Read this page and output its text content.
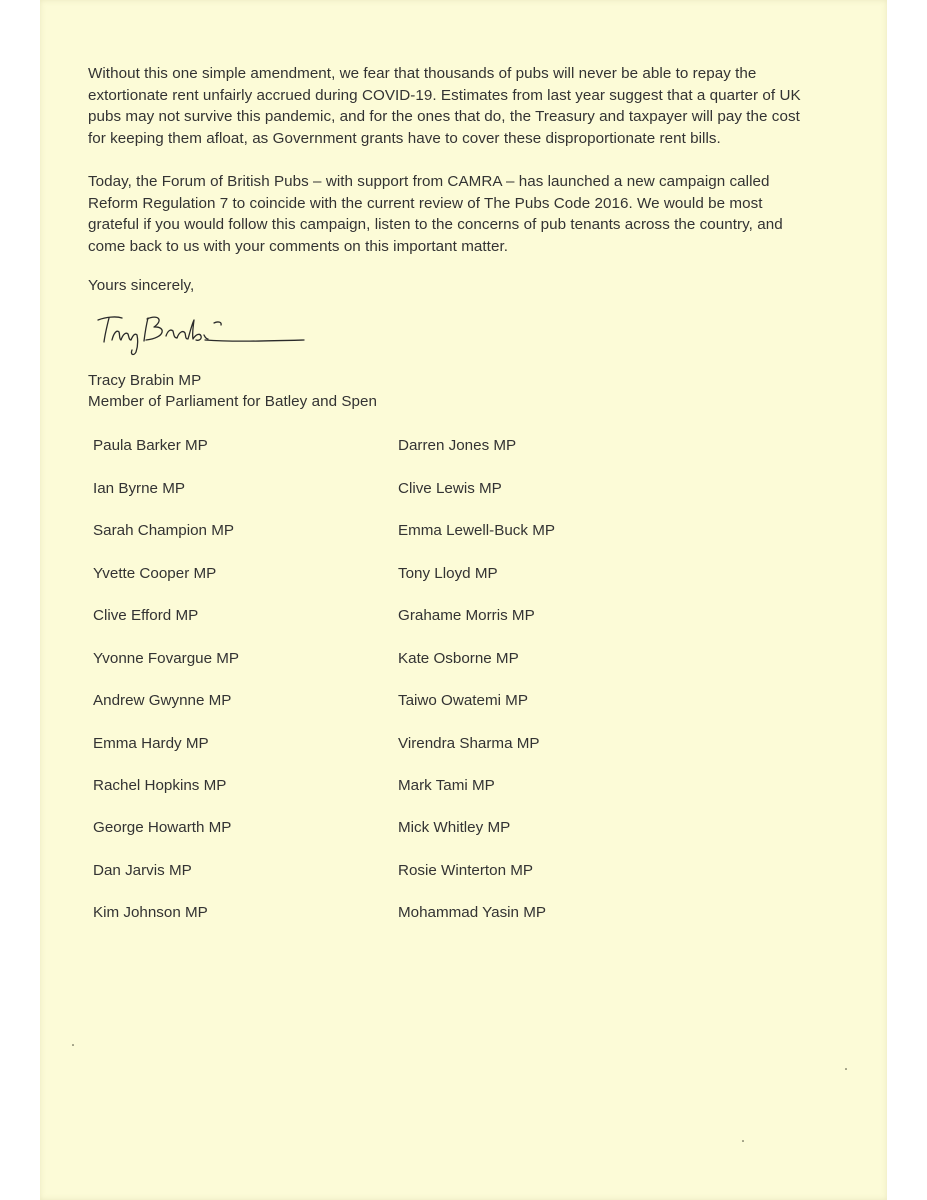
Without this one simple amendment, we fear that thousands of pubs will never be able to repay the
extortionate rent unfairly accrued during COVID-19. Estimates from last year suggest that a quarter of UK
pubs may not survive this pandemic, and for the ones that do, the Treasury and taxpayer will pay the cost
for keeping them afloat, as Government grants have to cover these disproportionate rent bills.

Today, the Forum of British Pubs – with support from CAMRA – has launched a new campaign called
Reform Regulation 7 to coincide with the current review of The Pubs Code 2016. We would be most
grateful if you would follow this campaign, listen to the concerns of pub tenants across the country, and
come back to us with your comments on this important matter.

Yours sincerely,
Tracy Brabin MP
Member of Parliament for Batley and Spen
Paula Barker MP
Ian Byrne MP
Sarah Champion MP
Yvette Cooper MP
Clive Efford MP
Yvonne Fovargue MP
Andrew Gwynne MP
Emma Hardy MP
Rachel Hopkins MP
George Howarth MP
Dan Jarvis MP
Kim Johnson MP
Darren Jones MP
Clive Lewis MP
Emma Lewell-Buck MP
Tony Lloyd MP
Grahame Morris MP
Kate Osborne MP
Taiwo Owatemi MP
Virendra Sharma MP
Mark Tami MP
Mick Whitley MP
Rosie Winterton MP
Mohammad Yasin MP
